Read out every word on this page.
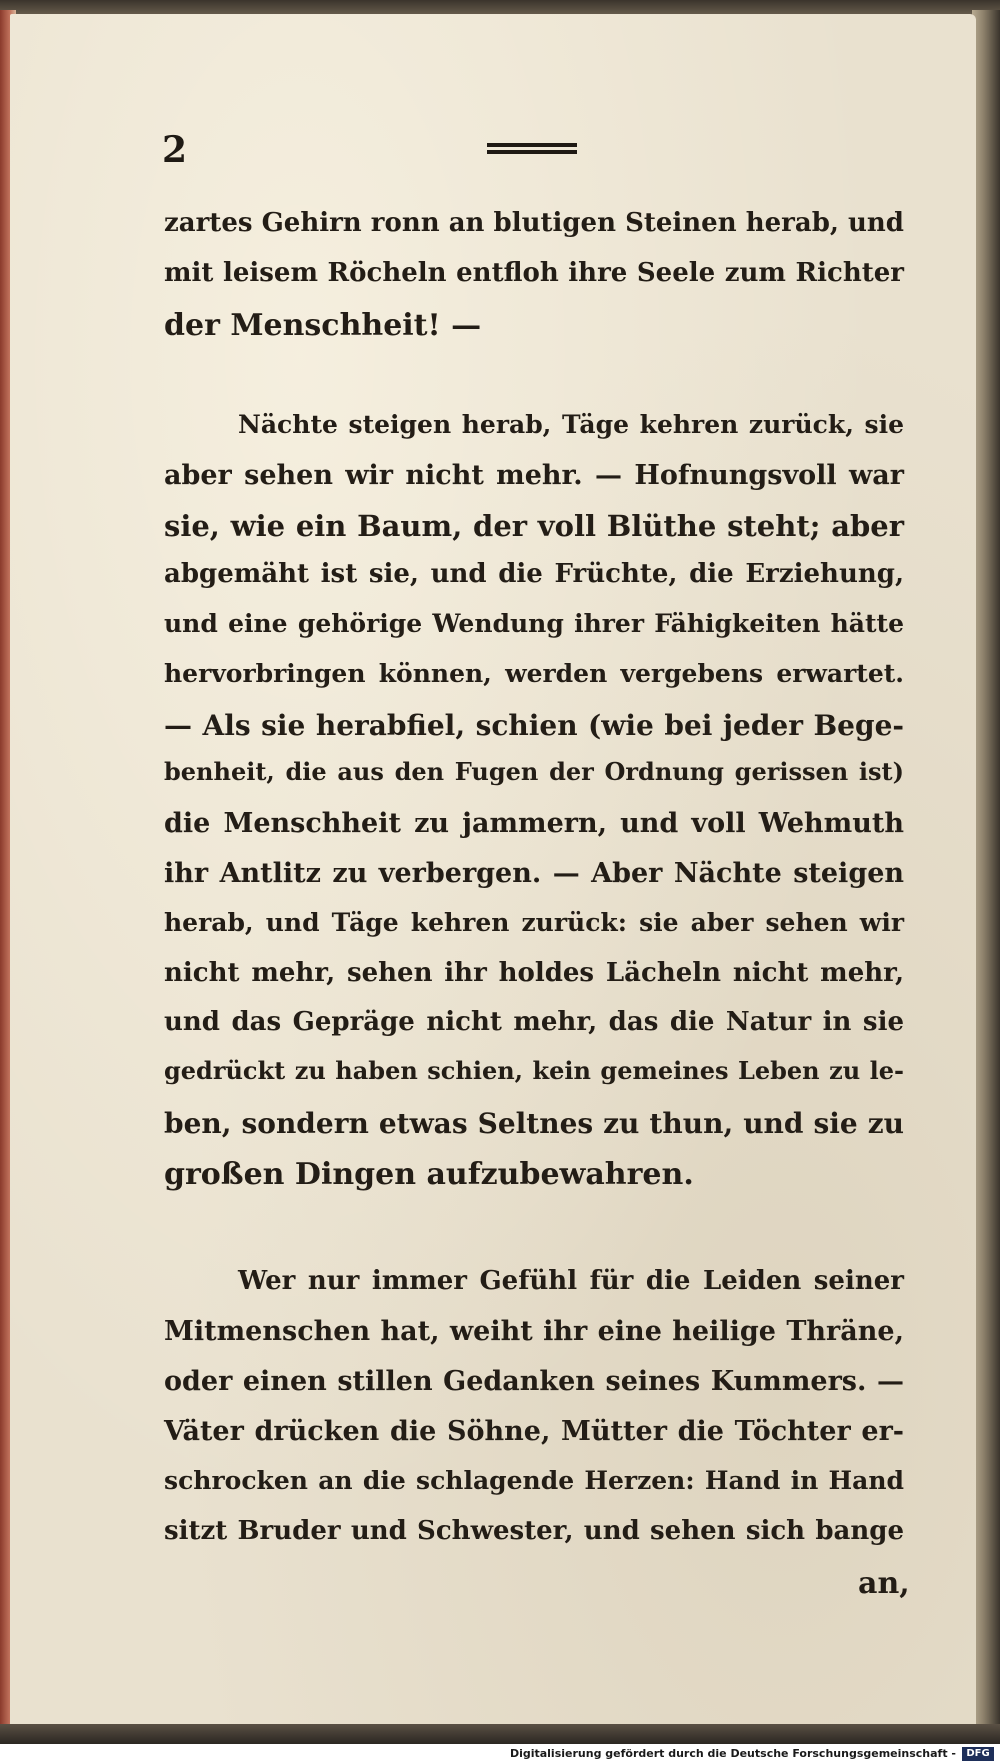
2

zartes Gehirn ronn an blutigen Steinen herab, und

mit leisem Röcheln entfloh ihre Seele zum Richter

der Menschheit! —

Nächte steigen herab, Täge kehren zurück, sie

aber sehen wir nicht mehr. — Hofnungsvoll war

sie, wie ein Baum, der voll Blüthe steht; aber

abgemäht ist sie, und die Früchte, die Erziehung,

und eine gehörige Wendung ihrer Fähigkeiten hätte

hervorbringen können, werden vergebens erwartet.

— Als sie herabfiel, schien (wie bei jeder Bege-

benheit, die aus den Fugen der Ordnung gerissen ist)

die Menschheit zu jammern, und voll Wehmuth

ihr Antlitz zu verbergen. — Aber Nächte steigen

herab, und Täge kehren zurück: sie aber sehen wir

nicht mehr, sehen ihr holdes Lächeln nicht mehr,

und das Gepräge nicht mehr, das die Natur in sie

gedrückt zu haben schien, kein gemeines Leben zu le-

ben, sondern etwas Seltnes zu thun, und sie zu

großen Dingen aufzubewahren.

Wer nur immer Gefühl für die Leiden seiner

Mitmenschen hat, weiht ihr eine heilige Thräne,

oder einen stillen Gedanken seines Kummers. —

Väter drücken die Söhne, Mütter die Töchter er-

schrocken an die schlagende Herzen: Hand in Hand

sitzt Bruder und Schwester, und sehen sich bange

an,

Digitalisierung gefördert durch die Deutsche Forschungsgemeinschaft -	DFG
